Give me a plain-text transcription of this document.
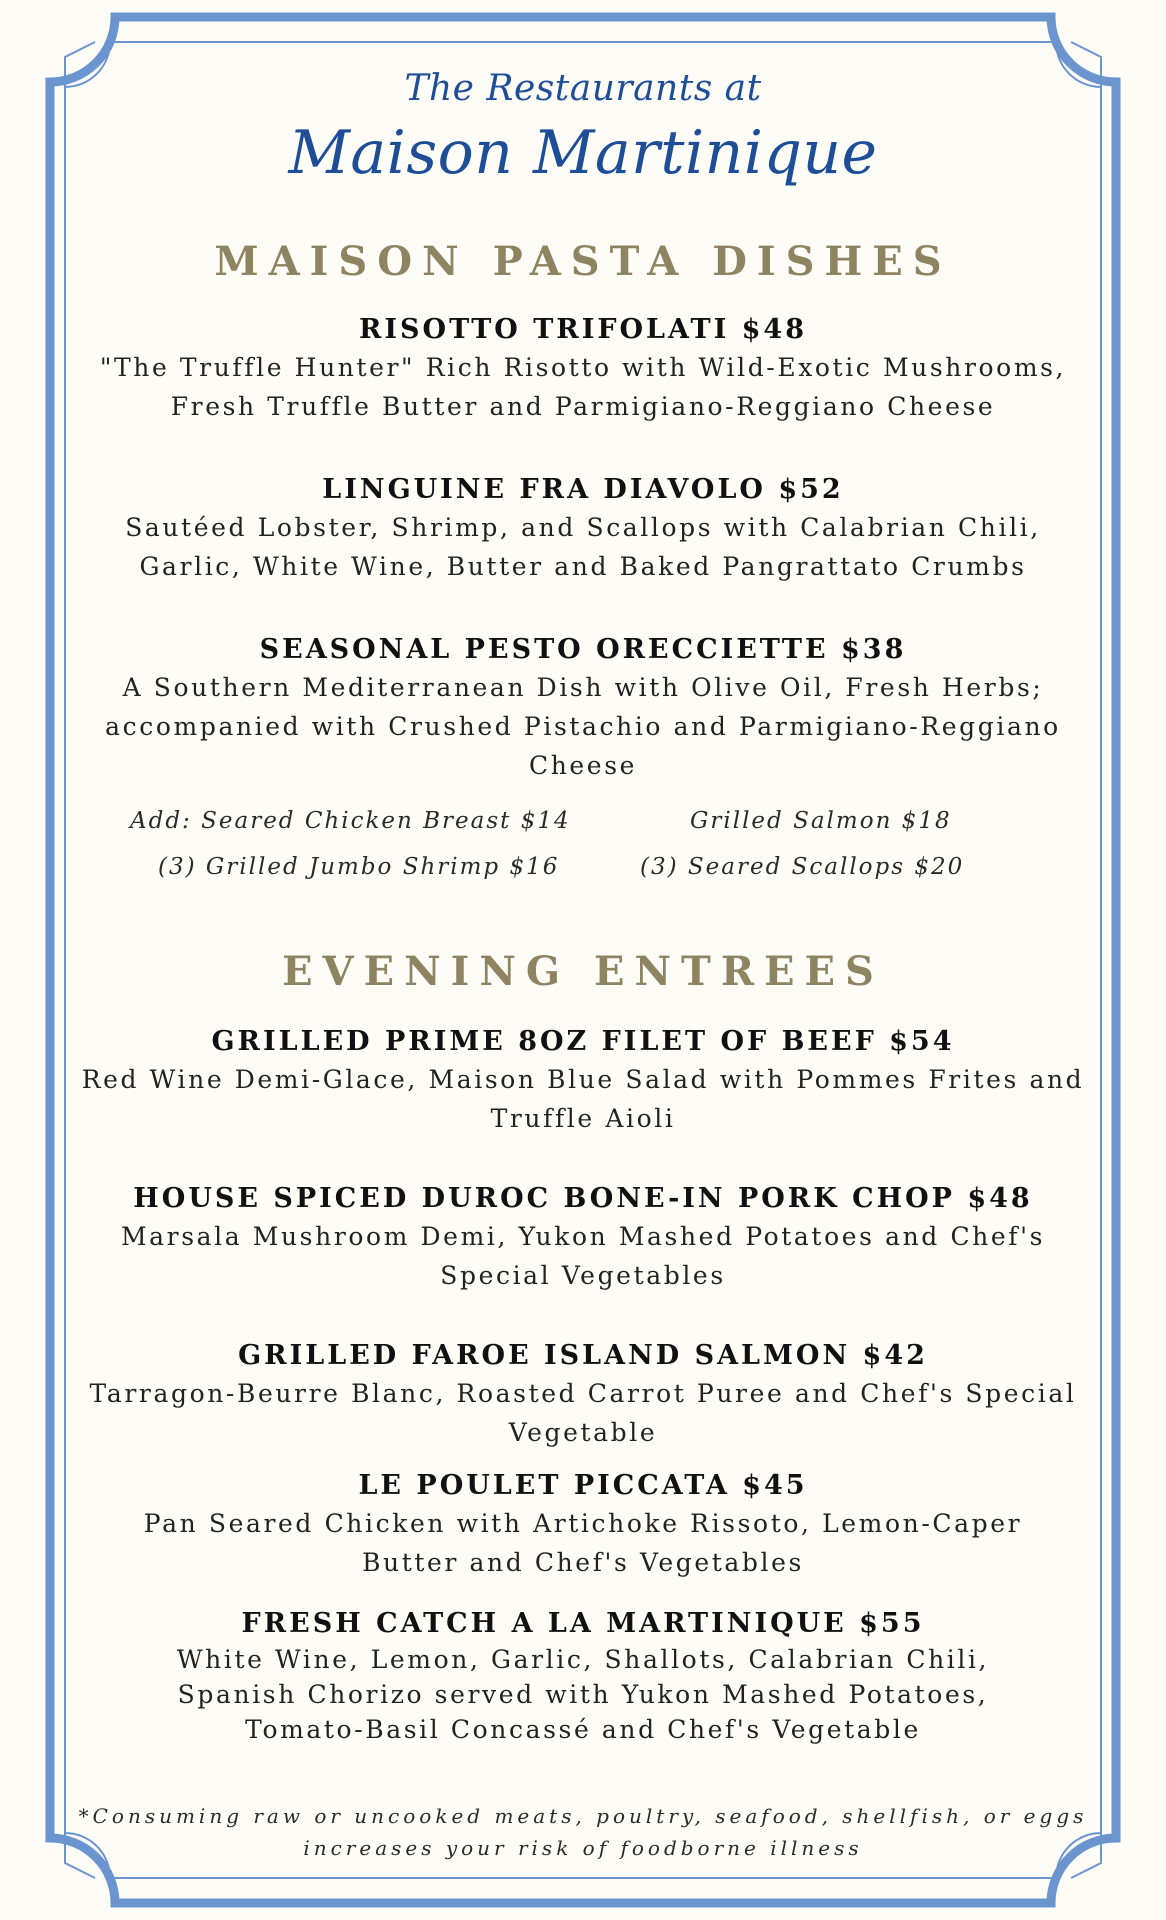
The Restaurants at
Maison Martinique
MAISON PASTA DISHES
RISOTTO TRIFOLATI $48
"The Truffle Hunter" Rich Risotto with Wild-Exotic Mushrooms, Fresh Truffle Butter and Parmigiano-Reggiano Cheese
LINGUINE FRA DIAVOLO $52
Sautéed Lobster, Shrimp, and Scallops with Calabrian Chili, Garlic, White Wine, Butter and Baked Pangrattato Crumbs
SEASONAL PESTO ORECCIETTE $38
A Southern Mediterranean Dish with Olive Oil, Fresh Herbs; accompanied with Crushed Pistachio and Parmigiano-Reggiano Cheese
Add: Seared Chicken Breast $14	Grilled Salmon $18
(3) Grilled Jumbo Shrimp $16	(3) Seared Scallops $20
EVENING ENTREES
GRILLED PRIME 8OZ FILET OF BEEF $54
Red Wine Demi-Glace, Maison Blue Salad with Pommes Frites and Truffle Aioli
HOUSE SPICED DUROC BONE-IN PORK CHOP $48
Marsala Mushroom Demi, Yukon Mashed Potatoes and Chef's Special Vegetables
GRILLED FAROE ISLAND SALMON $42
Tarragon-Beurre Blanc, Roasted Carrot Puree and Chef's Special Vegetable
LE POULET PICCATA $45
Pan Seared Chicken with Artichoke Rissoto, Lemon-Caper Butter and Chef's Vegetables
FRESH CATCH A LA MARTINIQUE $55
White Wine, Lemon, Garlic, Shallots, Calabrian Chili, Spanish Chorizo served with Yukon Mashed Potatoes, Tomato-Basil Concassé and Chef's Vegetable
*Consuming raw or uncooked meats, poultry, seafood, shellfish, or eggs increases your risk of foodborne illness
